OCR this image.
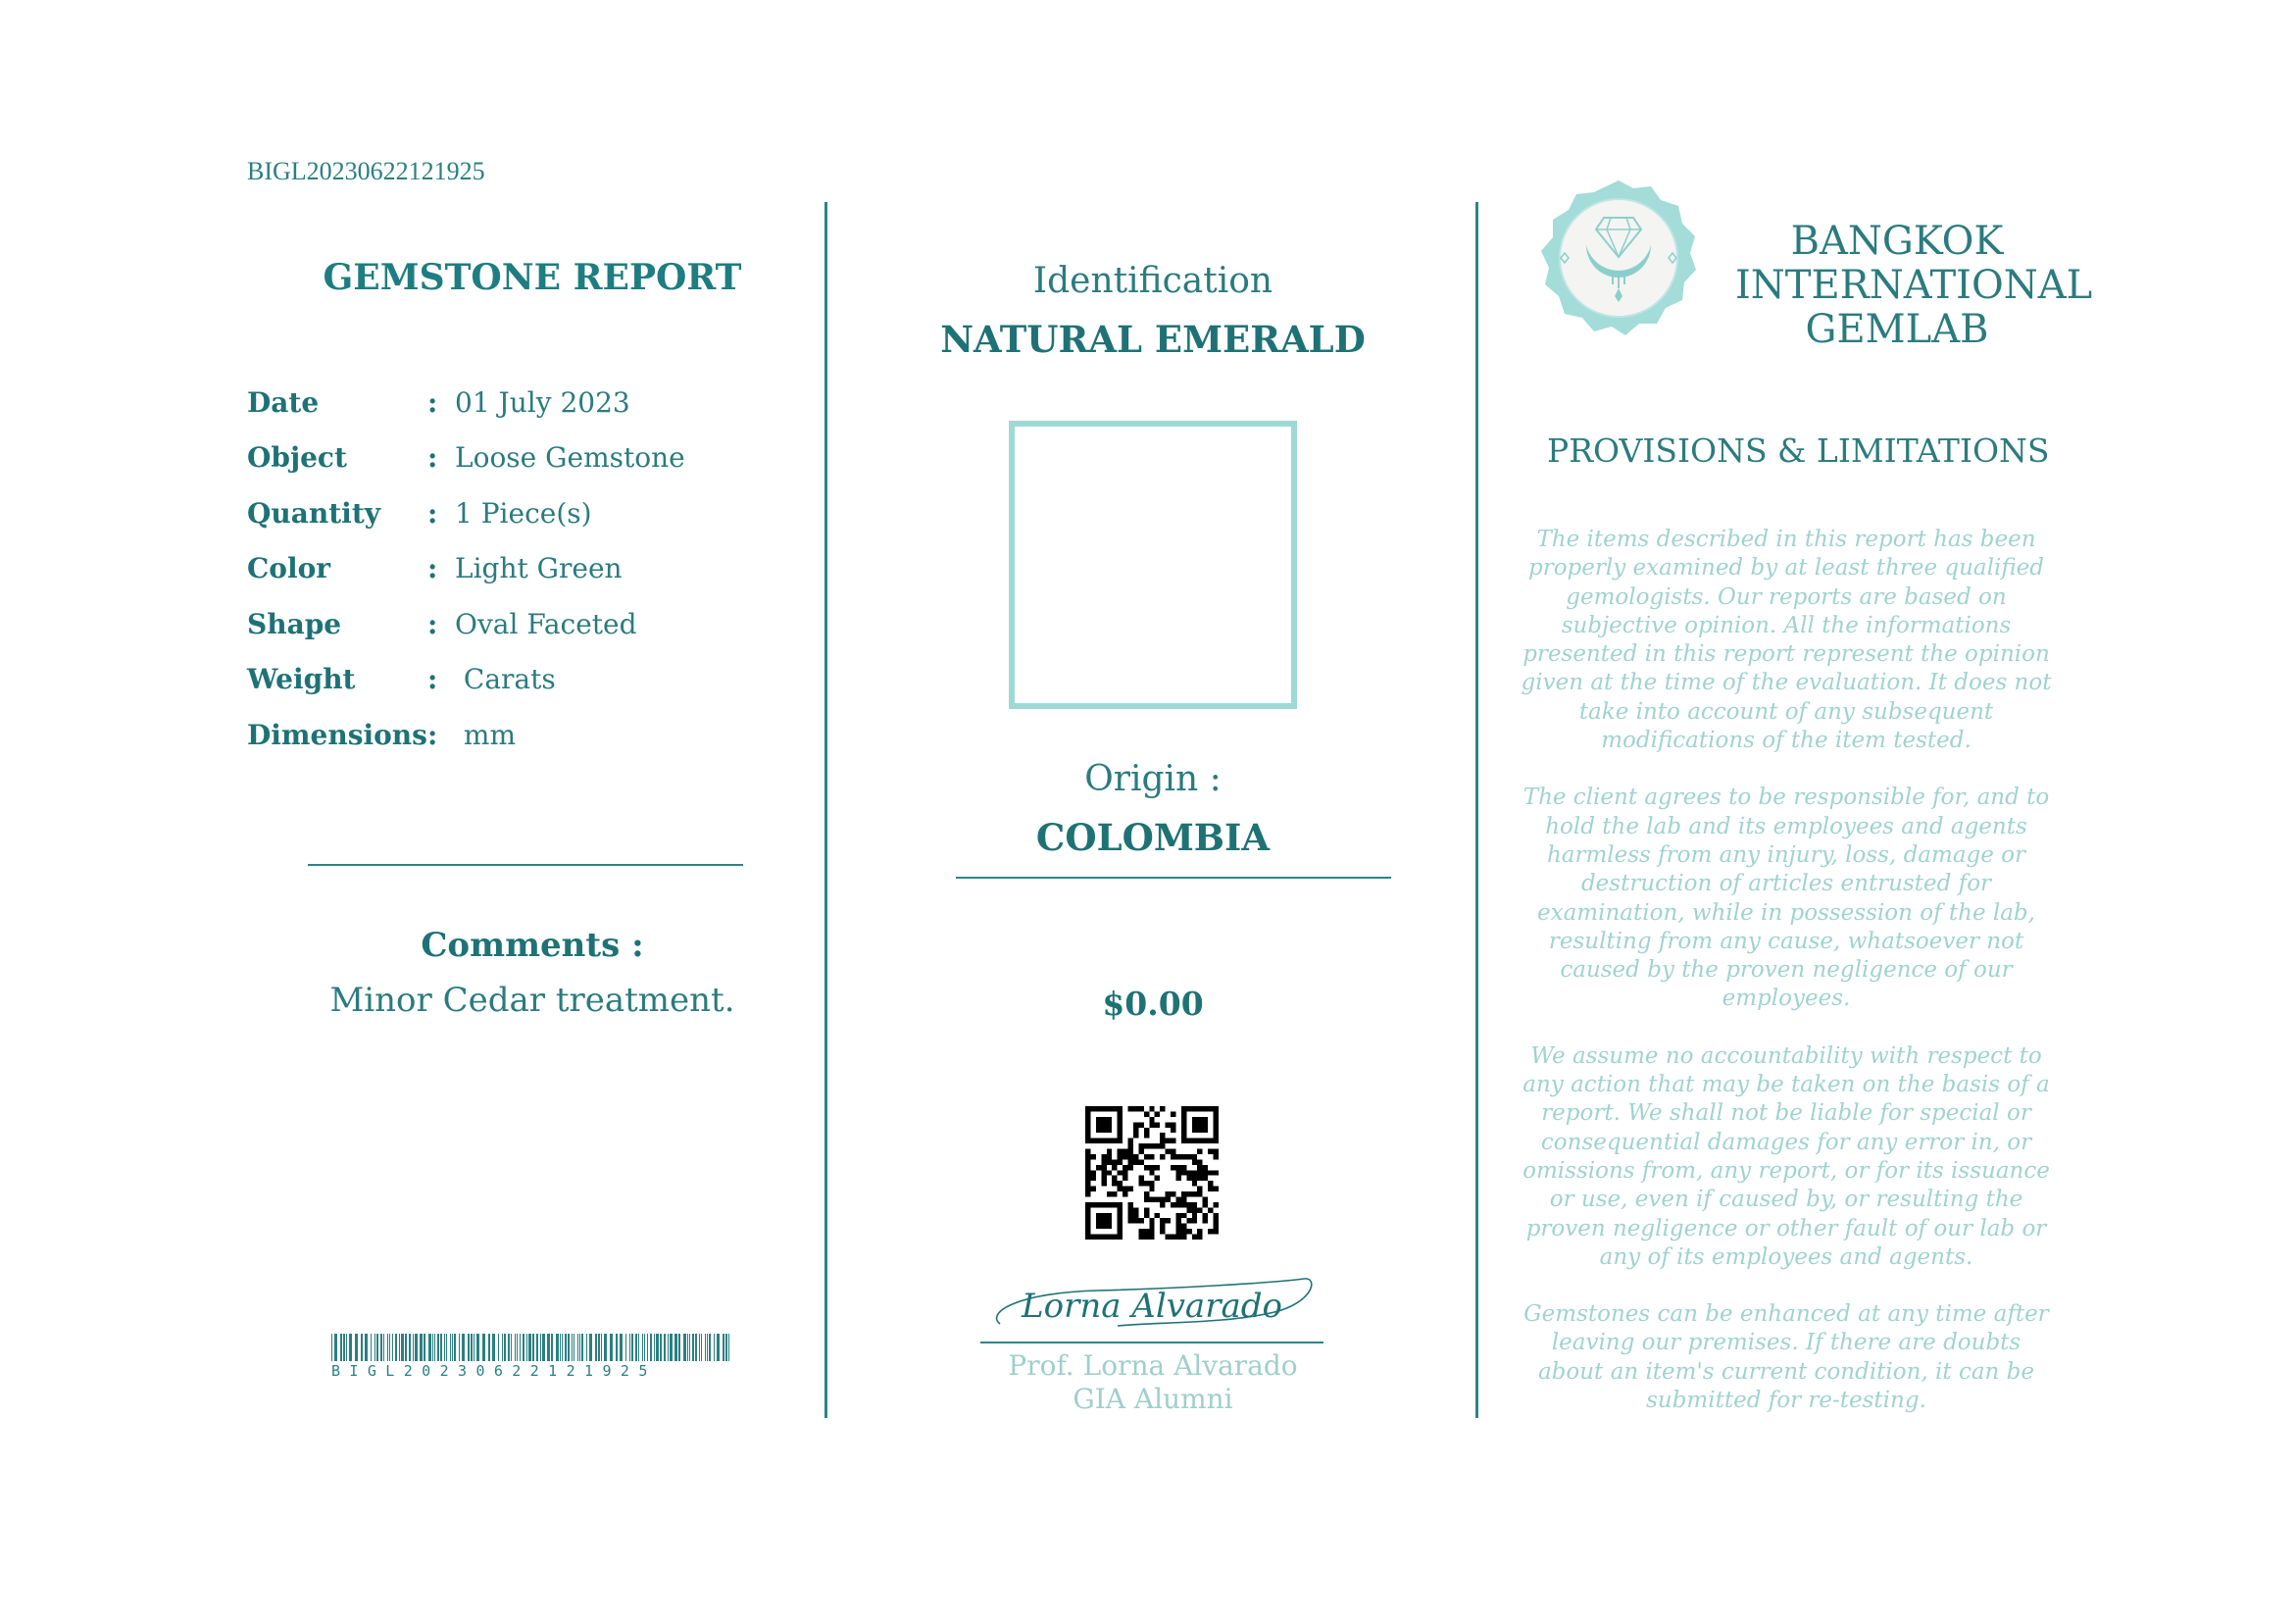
BIGL20230622121925
GEMSTONE REPORT
Date	: 01 July 2023
Object	: Loose Gemstone
Quantity	: 1 Piece(s)
Color	: Light Green
Shape	: Oval Faceted
Weight	: Carats
Dimensions : mm
Comments :
Minor Cedar treatment.
BIGL20230622121925
Identification
NATURAL EMERALD
Origin :
COLOMBIA
$0.00
Lorna Alvarado
Prof. Lorna Alvarado
GIA Alumni
BANGKOK
INTERNATIONAL
GEMLAB
PROVISIONS & LIMITATIONS

The items described in this report has been properly examined by at least three qualified gemologists. Our reports are based on subjective opinion. All the informations presented in this report represent the opinion given at the time of the evaluation. It does not take into account of any subsequent modifications of the item tested.

The client agrees to be responsible for, and to hold the lab and its employees and agents harmless from any injury, loss, damage or destruction of articles entrusted for examination, while in possession of the lab, resulting from any cause, whatsoever not caused by the proven negligence of our employees.

We assume no accountability with respect to any action that may be taken on the basis of a report. We shall not be liable for special or consequential damages for any error in, or omissions from, any report, or for its issuance or use, even if caused by, or resulting the proven negligence or other fault of our lab or any of its employees and agents.

Gemstones can be enhanced at any time after leaving our premises. If there are doubts about an item's current condition, it can be submitted for re-testing.
